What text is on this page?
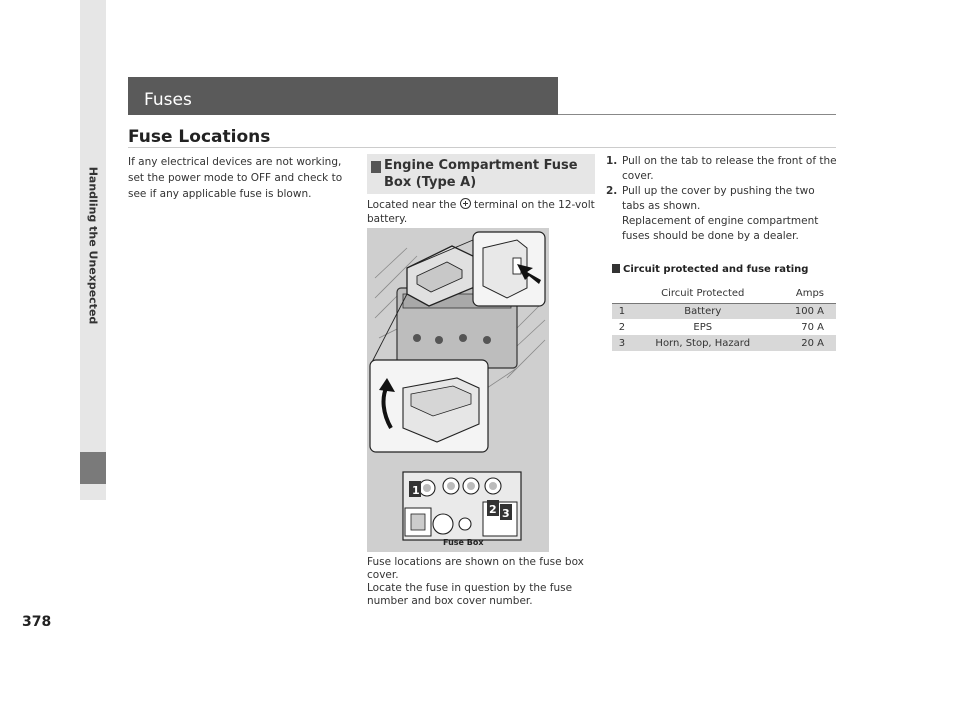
Handling the Unexpected
378
Fuses
Fuse Locations

If any electrical devices are not working, set the power mode to OFF and check to see if any applicable fuse is blown.

Engine Compartment Fuse
Box (Type A)

Located near the terminal on the 12-volt battery.

1
2 3
Fuse Box

Fuse locations are shown on the fuse box cover.

Locate the fuse in question by the fuse number and box cover number.

1. Pull on the tab to release the front of the cover.
2. Pull up the cover by pushing the two tabs as shown.
Replacement of engine compartment fuses should be done by a dealer.
Circuit protected and fuse rating
	Circuit Protected	Amps
1	Battery	100 A
2	EPS	70 A
3	Horn, Stop, Hazard	20 A
